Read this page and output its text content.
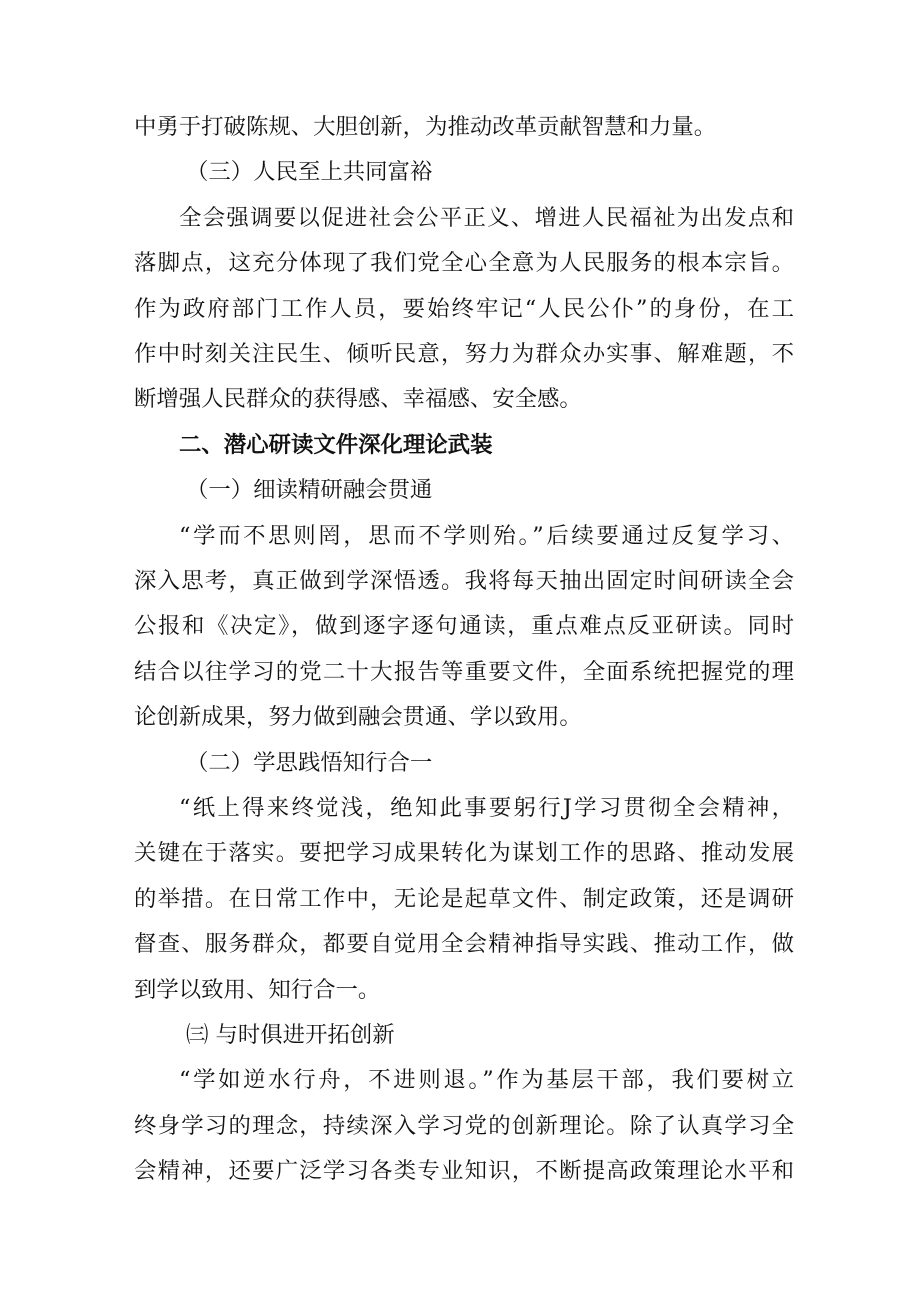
中勇于打破陈规、大胆创新，为推动改革贡献智慧和力量。
（三）人民至上共同富裕
全会强调要以促进社会公平正义、增进人民福祉为出发点和
落脚点，这充分体现了我们党全心全意为人民服务的根本宗旨。
作为政府部门工作人员，要始终牢记“人民公仆”的身份，在工
作中时刻关注民生、倾听民意，努力为群众办实事、解难题，不
断增强人民群众的获得感、幸福感、安全感。
二、潜心研读文件深化理论武装
（一）细读精研融会贯通
“学而不思则罔，思而不学则殆。”后续要通过反复学习、
深入思考，真正做到学深悟透。我将每天抽出固定时间研读全会
公报和《决定》，做到逐字逐句通读，重点难点反亚研读。同时
结合以往学习的党二十大报告等重要文件，全面系统把握党的理
论创新成果，努力做到融会贯通、学以致用。
（二）学思践悟知行合一
“纸上得来终觉浅，绝知此事要躬行J学习贯彻全会精神，
关键在于落实。要把学习成果转化为谋划工作的思路、推动发展
的举措。在日常工作中，无论是起草文件、制定政策，还是调研
督查、服务群众，都要自觉用全会精神指导实践、推动工作，做
到学以致用、知行合一。
㈢ 与时俱进开拓创新
“学如逆水行舟，不进则退。”作为基层干部，我们要树立
终身学习的理念，持续深入学习党的创新理论。除了认真学习全
会精神，还要广泛学习各类专业知识，不断提高政策理论水平和
